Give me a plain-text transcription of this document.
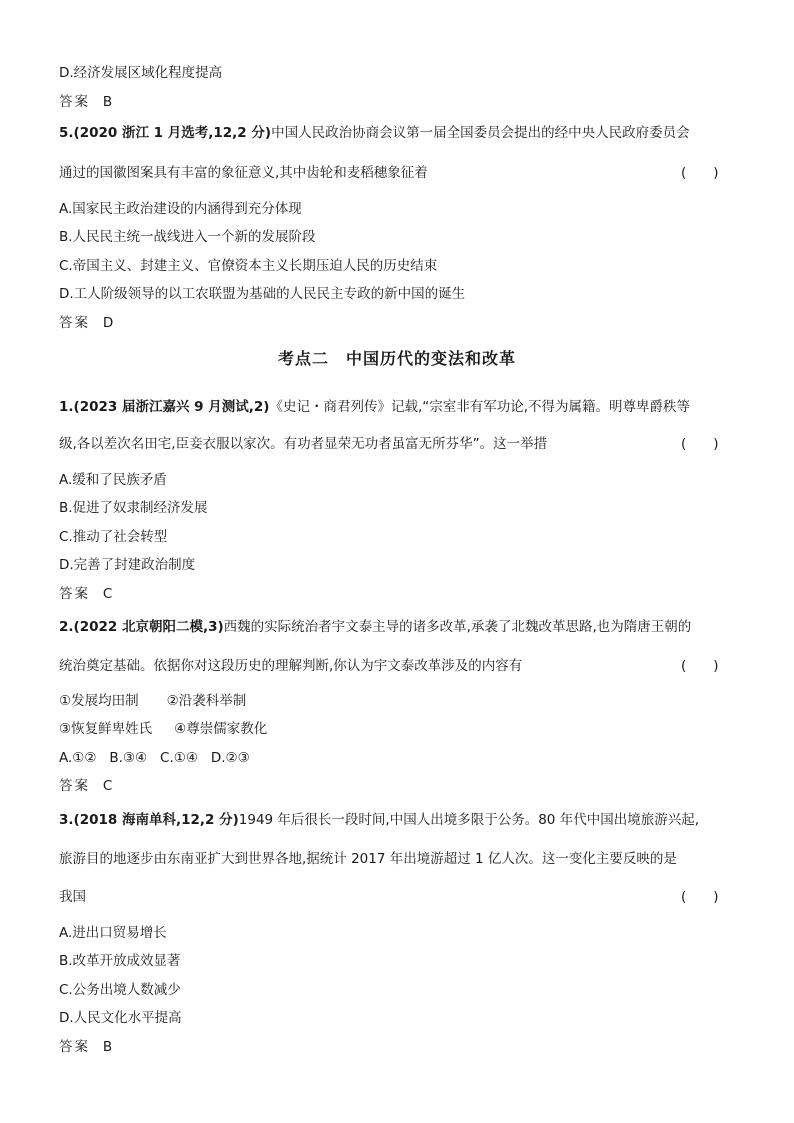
D.经济发展区域化程度提高
答案 B
5.(2020 浙江 1 月选考,12,2 分)中国人民政治协商会议第一届全国委员会提出的经中央人民政府委员会
通过的国徽图案具有丰富的象征意义,其中齿轮和麦稻穗象征着	(　　)
A.国家民主政治建设的内涵得到充分体现
B.人民民主统一战线进入一个新的发展阶段
C.帝国主义、封建主义、官僚资本主义长期压迫人民的历史结束
D.工人阶级领导的以工农联盟为基础的人民民主专政的新中国的诞生
答案 D
考点二　中国历代的变法和改革
1.(2023 届浙江嘉兴 9 月测试,2)《史记・商君列传》记载,“宗室非有军功论,不得为属籍。明尊卑爵秩等
级,各以差次名田宅,臣妾衣服以家次。有功者显荣无功者虽富无所芬华”。这一举措	(　　)
A.缓和了民族矛盾
B.促进了奴隶制经济发展
C.推动了社会转型
D.完善了封建政治制度
答案 C
2.(2022 北京朝阳二模,3)西魏的实际统治者宇文泰主导的诸多改革,承袭了北魏改革思路,也为隋唐王朝的
统治奠定基础。依据你对这段历史的理解判断,你认为宇文泰改革涉及的内容有	(　　)
①发展均田制 ②沿袭科举制
③恢复鲜卑姓氏 ④尊崇儒家教化
A.①② B.③④ C.①④ D.②③
答案 C
3.(2018 海南单科,12,2 分)1949 年后很长一段时间,中国人出境多限于公务。80 年代中国出境旅游兴起,
旅游目的地逐步由东南亚扩大到世界各地,据统计 2017 年出境游超过 1 亿人次。这一变化主要反映的是
我国	(　　)
A.进出口贸易增长
B.改革开放成效显著
C.公务出境人数减少
D.人民文化水平提高
答案 B
